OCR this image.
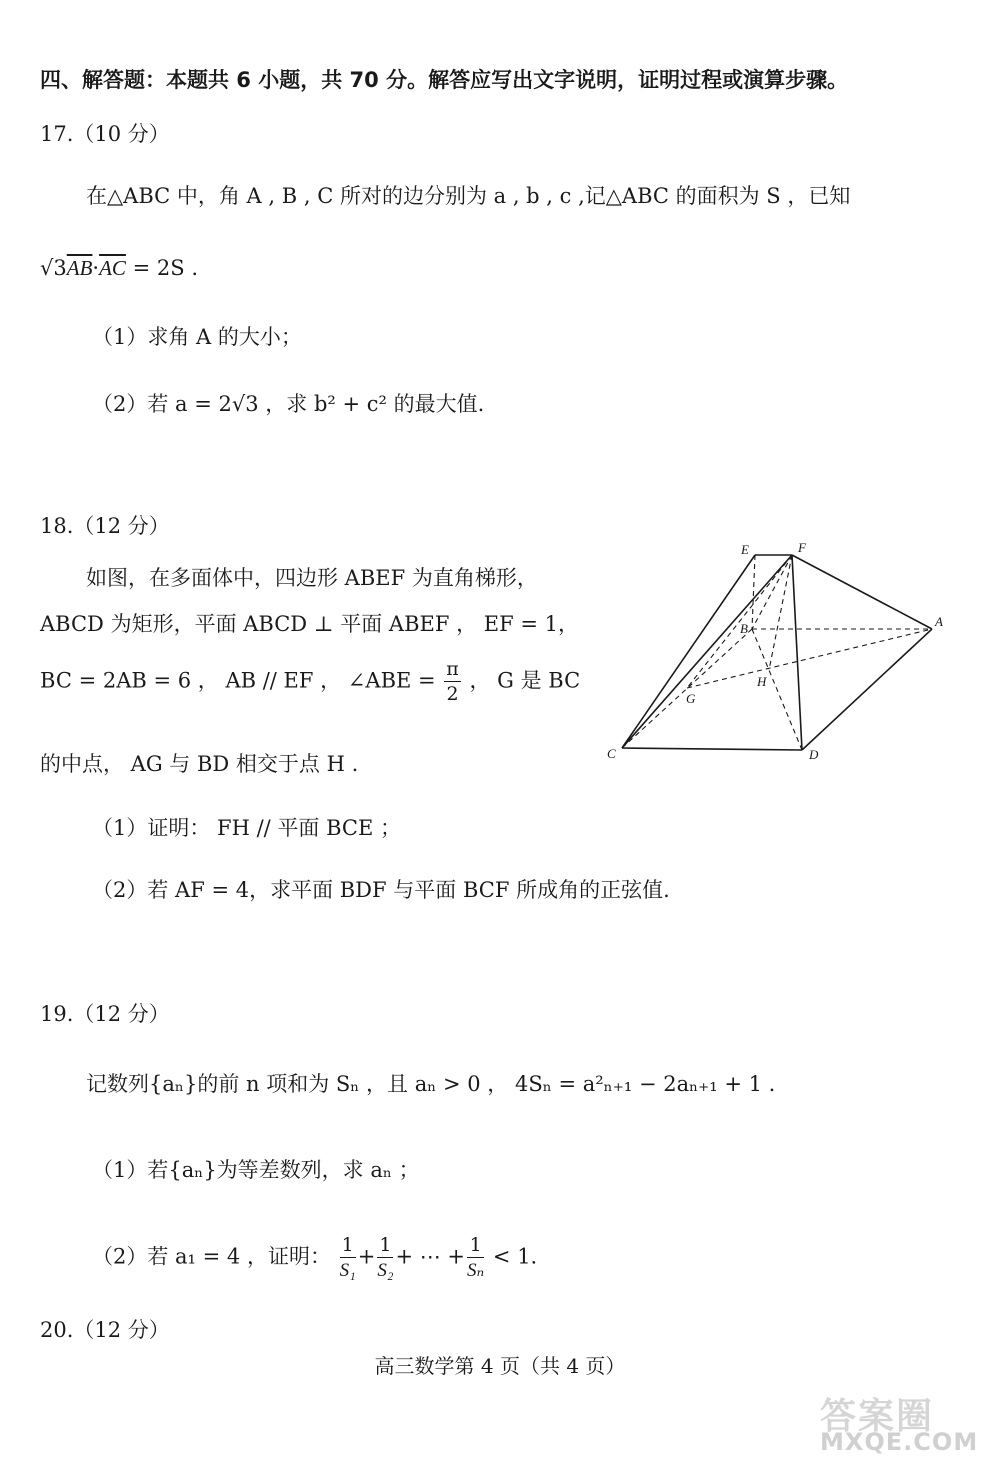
四、解答题：本题共 6 小题，共 70 分。解答应写出文字说明，证明过程或演算步骤。
17.（10 分）
在△ABC 中，角 A , B , C 所对的边分别为 a , b , c ,记△ABC 的面积为 S ，已知
$√3\overline{AB}\cdot\overline{AC} = 2S$ .
（1）求角 A 的大小；
（2）若 a = 2√3 ，求 b² + c² 的最大值.
18.（12 分）
如图，在多面体中，四边形 ABEF 为直角梯形，
ABCD 为矩形，平面 ABCD ⊥ 平面 ABEF ， EF = 1，
BC = 2AB = 6 ， AB // EF ， ∠ABE = $\frac{\pi}{2}$ ， G 是 BC
的中点， AG 与 BD 相交于点 H .
（1）证明： FH // 平面 BCE ；
（2）若 AF = 4，求平面 BDF 与平面 BCF 所成角的正弦值.
E	F
B	A
H
G
C	D
19.（12 分）
记数列{aₙ}的前 n 项和为 Sₙ ，且 aₙ > 0 ， 4Sₙ = a²ₙ₊₁ − 2aₙ₊₁ + 1 .
（1）若{aₙ}为等差数列，求 aₙ ；
（2）若 a₁ = 4 ，证明： $\frac{1}{\text{S₁}} + \frac{1}{\text{S₂}}$ + ⋯ + $\frac{1}{\text{Sₙ}} < 1$.
20.（12 分）
高三数学第 4 页（共 4 页）
答案圈
MXQE.COM
